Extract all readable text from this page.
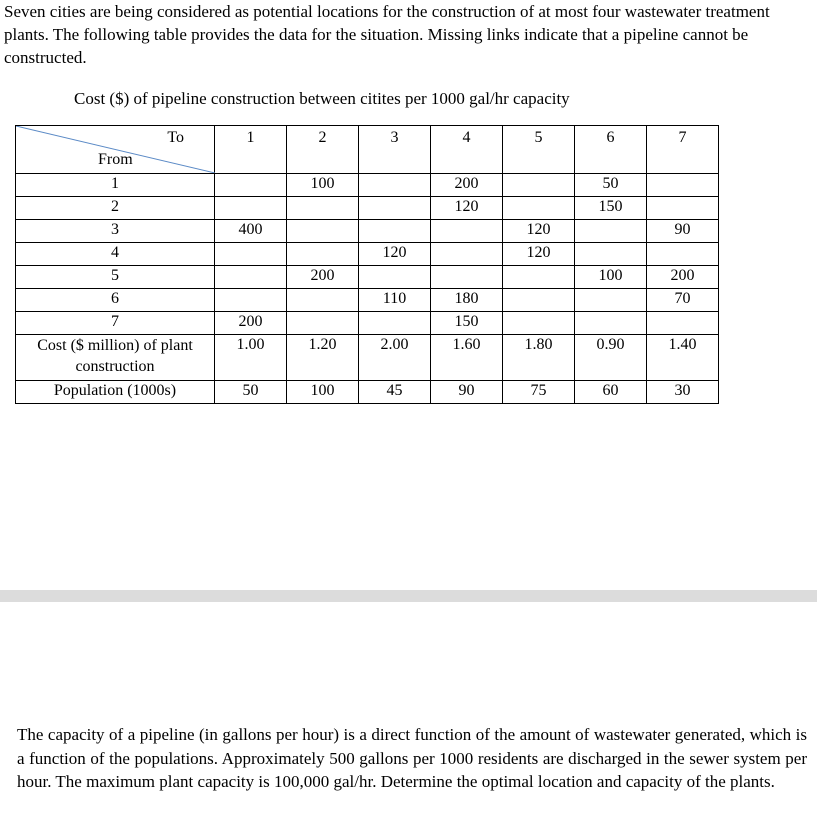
Seven cities are being considered as potential locations for the construction of at most four wastewater treatment plants. The following table provides the data for the situation. Missing links indicate that a pipeline cannot be constructed.
Cost ($) of pipeline construction between citites per 1000 gal/hr capacity
To
From	1	2	3	4	5	6	7
1		100		200		50	
2				120		150	
3	400				120		90
4			120		120		
5		200				100	200
6			110	180			70
7	200			150			
Cost ($ million) of plant construction	1.00	1.20	2.00	1.60	1.80	0.90	1.40
Population (1000s)	50	100	45	90	75	60	30
The capacity of a pipeline (in gallons per hour) is a direct function of the amount of wastewater generated, which is a function of the populations. Approximately 500 gallons per 1000 residents are discharged in the sewer system per hour. The maximum plant capacity is 100,000 gal/hr. Determine the optimal location and capacity of the plants.
